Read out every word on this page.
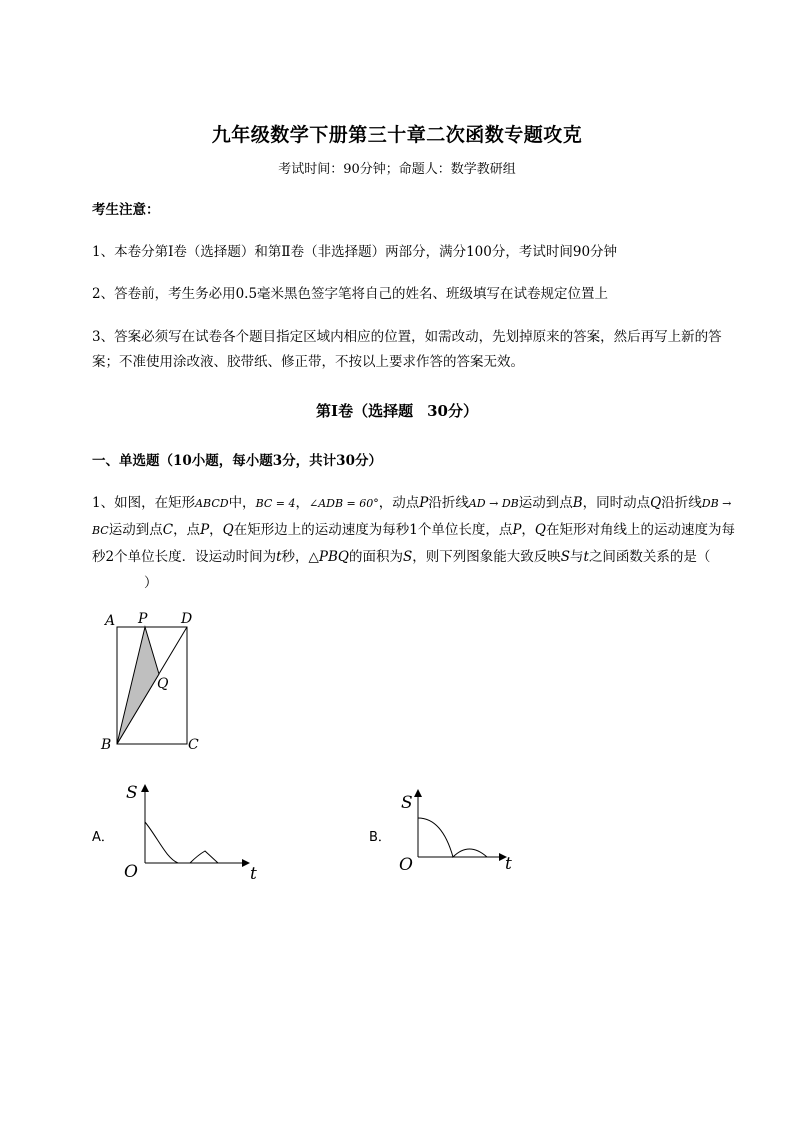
九年级数学下册第三十章二次函数专题攻克
考试时间：90分钟；命题人：数学教研组
考生注意：
1、本卷分第I卷（选择题）和第Ⅱ卷（非选择题）两部分，满分100分，考试时间90分钟
2、答卷前，考生务必用0.5毫米黑色签字笔将自己的姓名、班级填写在试卷规定位置上
3、答案必须写在试卷各个题目指定区域内相应的位置，如需改动，先划掉原来的答案，然后再写上新的答案；不准使用涂改液、胶带纸、修正带，不按以上要求作答的答案无效。
第I卷（选择题 30分）
一、单选题（10小题，每小题3分，共计30分）
1、如图，在矩形ABCD中，BC = 4，∠ADB = 60°，动点P沿折线AD → DB运动到点B，同时动点Q沿折线DB → BC运动到点C，点P，Q在矩形边上的运动速度为每秒1个单位长度，点P，Q在矩形对角线上的运动速度为每秒2个单位长度．设运动时间为t秒，△PBQ的面积为S，则下列图象能大致反映S与t之间函数关系的是（）
A P D
Q
B	C
A．
S
O	t
B．
S
O	t
